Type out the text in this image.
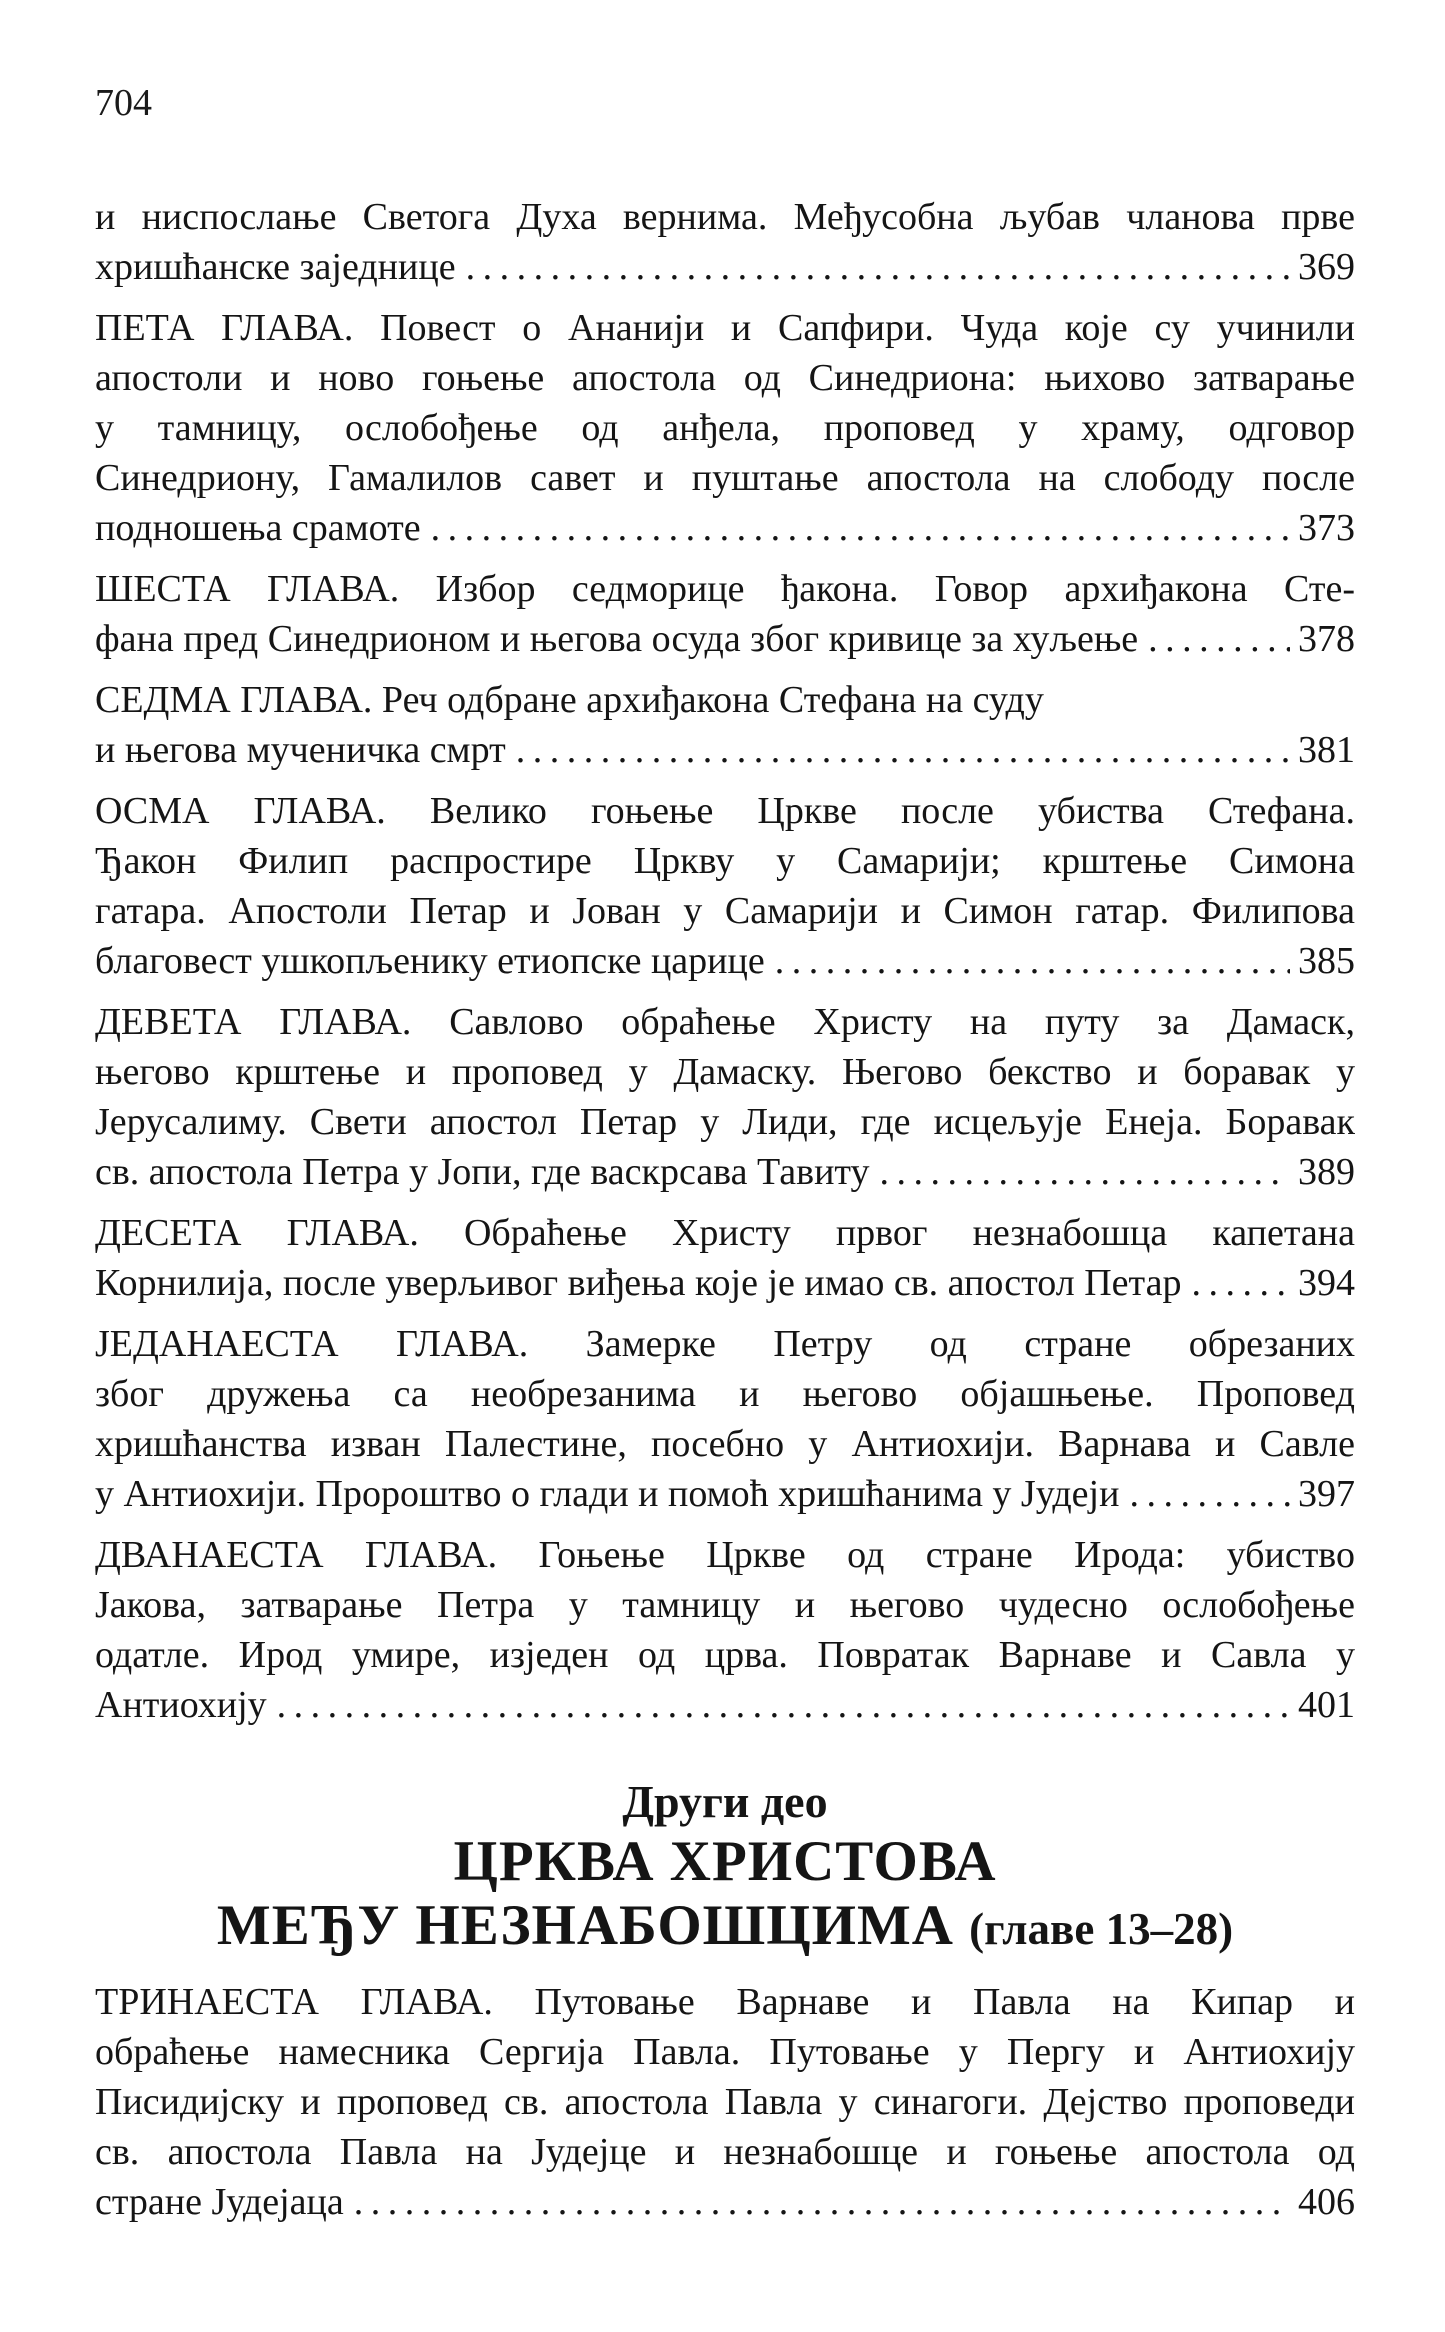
704
и ниспослање Светога Духа вернима. Међусобна љубав чланова прве
хришћанске заједнице . . .	369
ПЕТА ГЛАВА. Повест о Ананији и Сапфири. Чуда које су учинили
апостоли и ново гоњење апостола од Синедриона: њихово затварање
у тамницу, ослобођење од анђела, проповед у храму, одговор
Синедриону, Гамалилов савет и пуштање апостола на слободу после
подношења срамоте . . .	373
ШЕСТА ГЛАВА. Избор седморице ђакона. Говор архиђакона Сте-
фана пред Синедрионом и његова осуда због кривице за хуљење . . .	378
СЕДМА ГЛАВА. Реч одбране архиђакона Стефана на суду
и његова мученичка смрт . . .	381
ОСМА ГЛАВА. Велико гоњење Цркве после убиства Стефана.
Ђакон Филип распростире Цркву у Самарији; крштење Симона
гатара. Апостоли Петар и Јован у Самарији и Симон гатар. Филипова
благовест ушкопљенику етиопске царице . . .	385
ДЕВЕТА ГЛАВА. Савлово обраћење Христу на путу за Дамаск,
његово крштење и проповед у Дамаску. Његово бекство и боравак у
Јерусалиму. Свети апостол Петар у Лиди, где исцељује Енеја. Боравак
св. апостола Петра у Јопи, где васкрсава Тавиту . . .	389
ДЕСЕТА ГЛАВА. Обраћење Христу првог незнабошца капетана
Корнилија, после уверљивог виђења које је имао св. апостол Петар . . .	394
ЈЕДАНАЕСТА ГЛАВА. Замерке Петру од стране обрезаних
због дружења са необрезанима и његово објашњење. Проповед
хришћанства изван Палестине, посебно у Антиохији. Варнава и Савле
у Антиохији. Пророштво о глади и помоћ хришћанима у Јудеји . . .	397
ДВАНАЕСТА ГЛАВА. Гоњење Цркве од стране Ирода: убиство
Јакова, затварање Петра у тамницу и његово чудесно ослобођење
одатле. Ирод умире, изједен од црва. Повратак Варнаве и Савла у
Антиохију . . .	401
Други део
ЦРКВА ХРИСТОВА
МЕЂУ НЕЗНАБОШЦИМА (главе 13–28)
ТРИНАЕСТА ГЛАВА. Путовање Варнаве и Павла на Кипар и
обраћење намесника Сергија Павла. Путовање у Пергу и Антиохију
Писидијску и проповед св. апостола Павла у синагоги. Дејство проповеди
св. апостола Павла на Јудејце и незнабошце и гоњење апостола од
стране Јудејаца . . .	406
